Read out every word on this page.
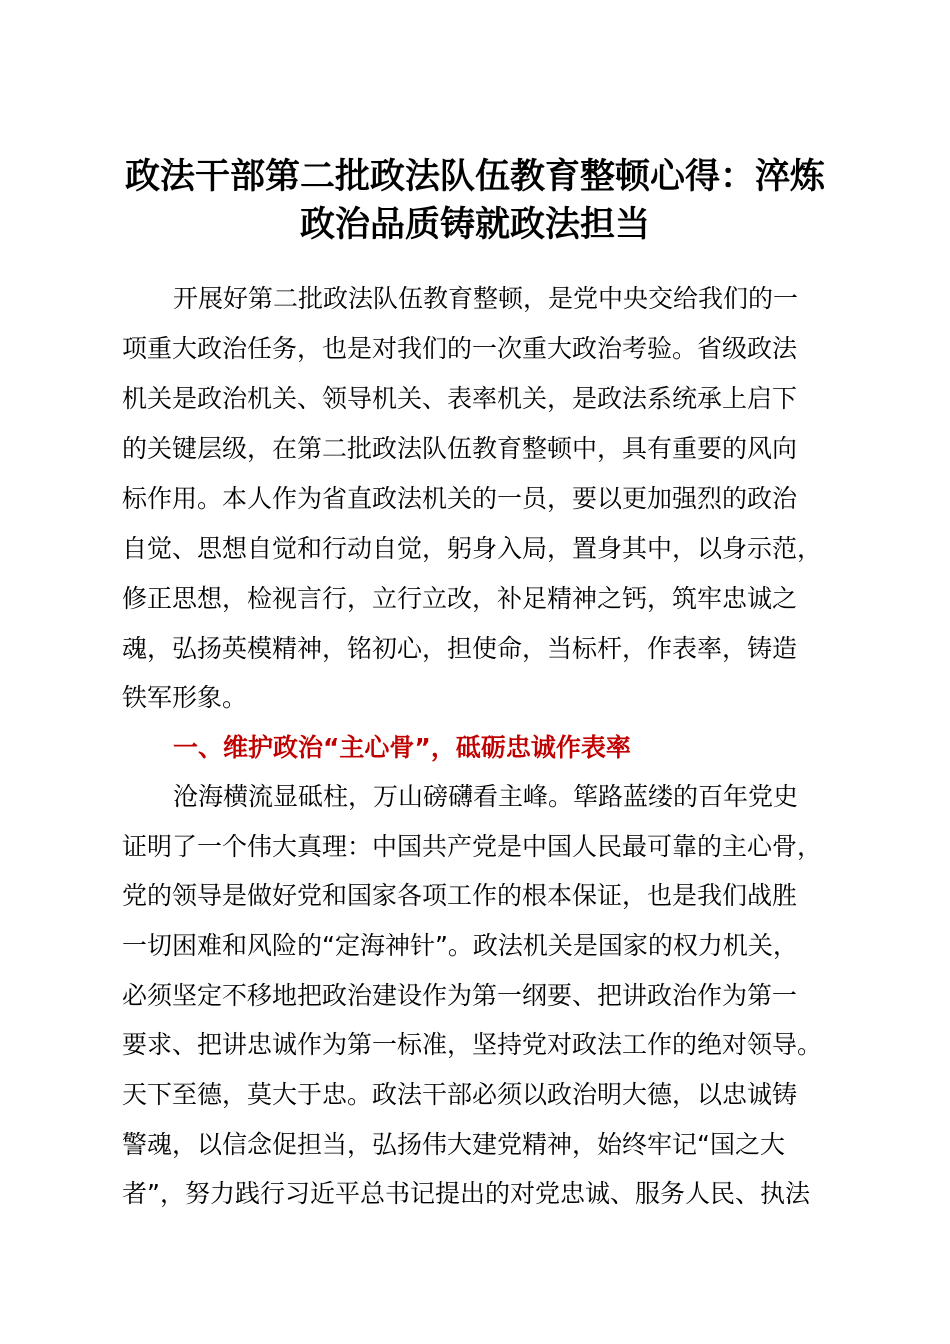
政法干部第二批政法队伍教育整顿心得：淬炼
政治品质铸就政法担当

开展好第二批政法队伍教育整顿，是党中央交给我们的一

项重大政治任务，也是对我们的一次重大政治考验。省级政法

机关是政治机关、领导机关、表率机关，是政法系统承上启下

的关键层级，在第二批政法队伍教育整顿中，具有重要的风向

标作用。本人作为省直政法机关的一员，要以更加强烈的政治

自觉、思想自觉和行动自觉，躬身入局，置身其中，以身示范，

修正思想，检视言行，立行立改，补足精神之钙，筑牢忠诚之

魂，弘扬英模精神，铭初心，担使命，当标杆，作表率，铸造

铁军形象。

一、维护政治“主心骨”，砥砺忠诚作表率

沧海横流显砥柱，万山磅礴看主峰。筚路蓝缕的百年党史

证明了一个伟大真理：中国共产党是中国人民最可靠的主心骨，

党的领导是做好党和国家各项工作的根本保证，也是我们战胜

一切困难和风险的“定海神针”。政法机关是国家的权力机关，

必须坚定不移地把政治建设作为第一纲要、把讲政治作为第一

要求、把讲忠诚作为第一标准，坚持党对政法工作的绝对领导。

天下至德，莫大于忠。政法干部必须以政治明大德，以忠诚铸

警魂，以信念促担当，弘扬伟大建党精神，始终牢记“国之大

者”，努力践行习近平总书记提出的对党忠诚、服务人民、执法
